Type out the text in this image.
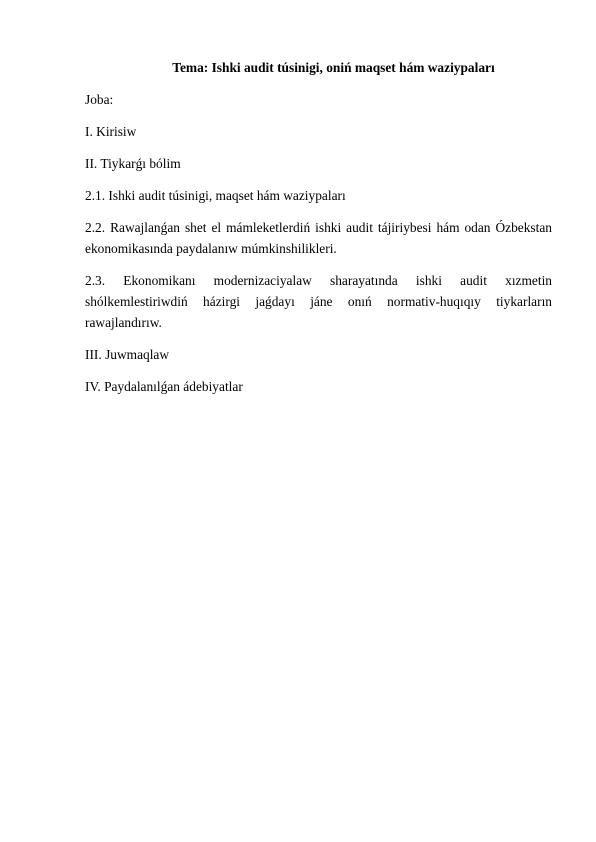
Tema: Ishki audit túsinigi, oniń maqset hám waziypaları

Joba:

I. Kirisiw

II. Tiykarǵı bólim

2.1. Ishki audit túsinigi, maqset hám waziypaları

2.2. Rawajlanǵan shet el mámleketlerdiń ishki audit tájiriybesi hám odan Ózbekstan ekonomikasında paydalanıw múmkinshilikleri.

2.3. Ekonomikanı modernizaciyalaw sharayatında ishki audit xızmetin shólkemlestiriwdiń házirgi jaǵdayı jáne onıń normativ-huqıqıy tiykarların rawajlandırıw.

III. Juwmaqlaw

IV. Paydalanılǵan ádebiyatlar
